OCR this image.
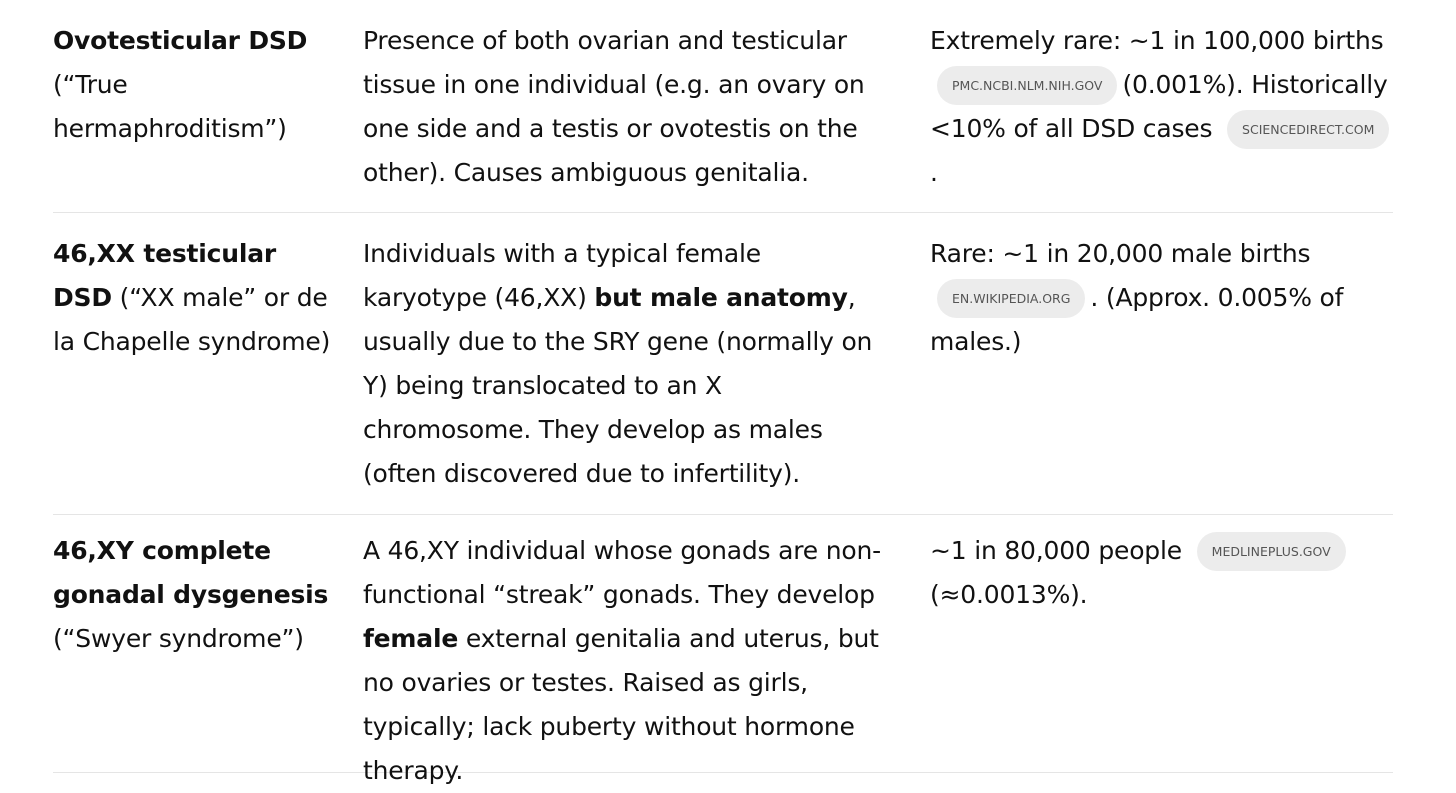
Ovotesticular DSD
(“True hermaphroditism”)
Presence of both ovarian and testicular tissue in one individual (e.g. an ovary on one side and a testis or ovotestis on the other). Causes ambiguous genitalia.
Extremely rare: ~1 in 100,000 births PMC.NCBI.NLM.NIH.GOV (0.001%). Historically <10% of all DSD cases SCIENCEDIRECT.COM.
46,XX testicular DSD (“XX male” or de la Chapelle syndrome)
Individuals with a typical female karyotype (46,XX) but male anatomy, usually due to the SRY gene (normally on Y) being translocated to an X chromosome. They develop as males (often discovered due to infertility).
Rare: ~1 in 20,000 male births EN.WIKIPEDIA.ORG . (Approx. 0.005% of males.)
46,XY complete gonadal dysgenesis
(“Swyer syndrome”)
A 46,XY individual whose gonads are non-functional “streak” gonads. They develop female external genitalia and uterus, but no ovaries or testes. Raised as girls, typically; lack puberty without hormone therapy.
~1 in 80,000 people MEDLINEPLUS.GOV
(≈0.0013%).
